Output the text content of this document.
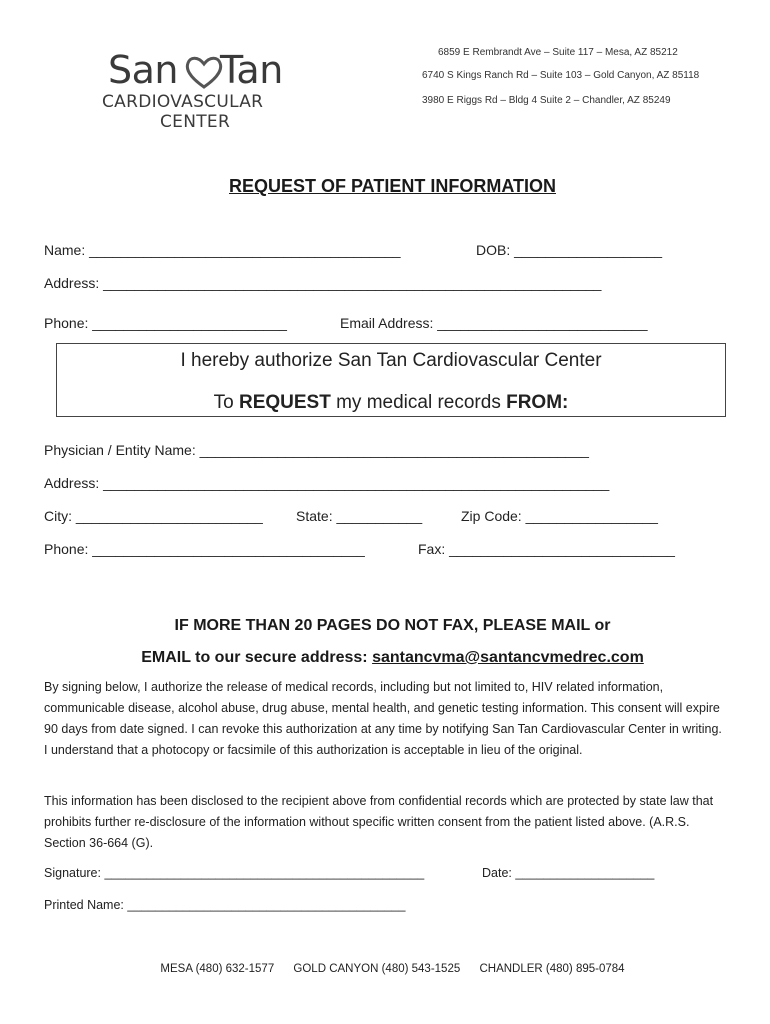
San Tan
CARDIOVASCULAR
CENTER
6859 E Rembrandt Ave – Suite 117 – Mesa, AZ 85212
6740 S Kings Ranch Rd – Suite 103 – Gold Canyon, AZ 85118
3980 E Riggs Rd – Bldg 4 Suite 2 – Chandler, AZ 85249
REQUEST OF PATIENT INFORMATION
Name: ________________________________________	DOB: ___________________
Address: ________________________________________________________________
Phone: _________________________	Email Address: ___________________________
I hereby authorize San Tan Cardiovascular Center
To REQUEST my medical records FROM:
Physician / Entity Name: __________________________________________________
Address: _________________________________________________________________
City: ________________________ State: ___________	Zip Code: _________________
Phone: ___________________________________	Fax: _____________________________
IF MORE THAN 20 PAGES DO NOT FAX, PLEASE MAIL or
EMAIL to our secure address: santancvma@santancvmedrec.com
By signing below, I authorize the release of medical records, including but not limited to, HIV related information, communicable disease, alcohol abuse, drug abuse, mental health, and genetic testing information. This consent will expire 90 days from date signed. I can revoke this authorization at any time by notifying San Tan Cardiovascular Center in writing. I understand that a photocopy or facsimile of this authorization is acceptable in lieu of the original.
This information has been disclosed to the recipient above from confidential records which are protected by state law that prohibits further re-disclosure of the information without specific written consent from the patient listed above. (A.R.S. Section 36-664 (G).
Signature: ______________________________________________	Date: ____________________
Printed Name: ________________________________________
MESA (480) 632-1577 GOLD CANYON (480) 543-1525 CHANDLER (480) 895-0784
